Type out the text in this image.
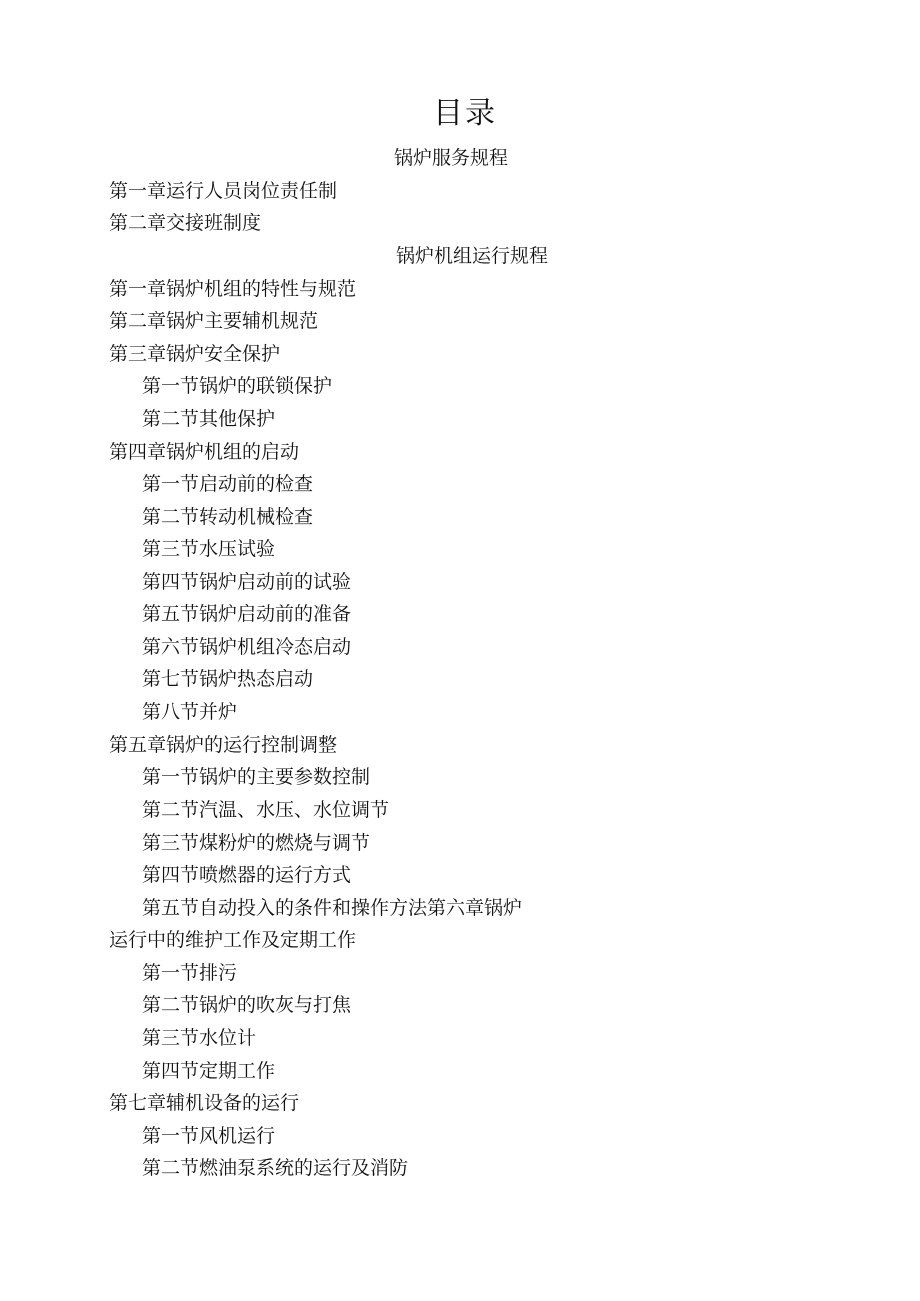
目录
锅炉服务规程
第一章运行人员岗位责任制
第二章交接班制度
锅炉机组运行规程
第一章锅炉机组的特性与规范
第二章锅炉主要辅机规范
第三章锅炉安全保护
第一节锅炉的联锁保护
第二节其他保护
第四章锅炉机组的启动
第一节启动前的检查
第二节转动机械检查
第三节水压试验
第四节锅炉启动前的试验
第五节锅炉启动前的准备
第六节锅炉机组冷态启动
第七节锅炉热态启动
第八节并炉
第五章锅炉的运行控制调整
第一节锅炉的主要参数控制
第二节汽温、水压、水位调节
第三节煤粉炉的燃烧与调节
第四节喷燃器的运行方式
第五节自动投入的条件和操作方法第六章锅炉
运行中的维护工作及定期工作
第一节排污
第二节锅炉的吹灰与打焦
第三节水位计
第四节定期工作
第七章辅机设备的运行
第一节风机运行
第二节燃油泵系统的运行及消防
